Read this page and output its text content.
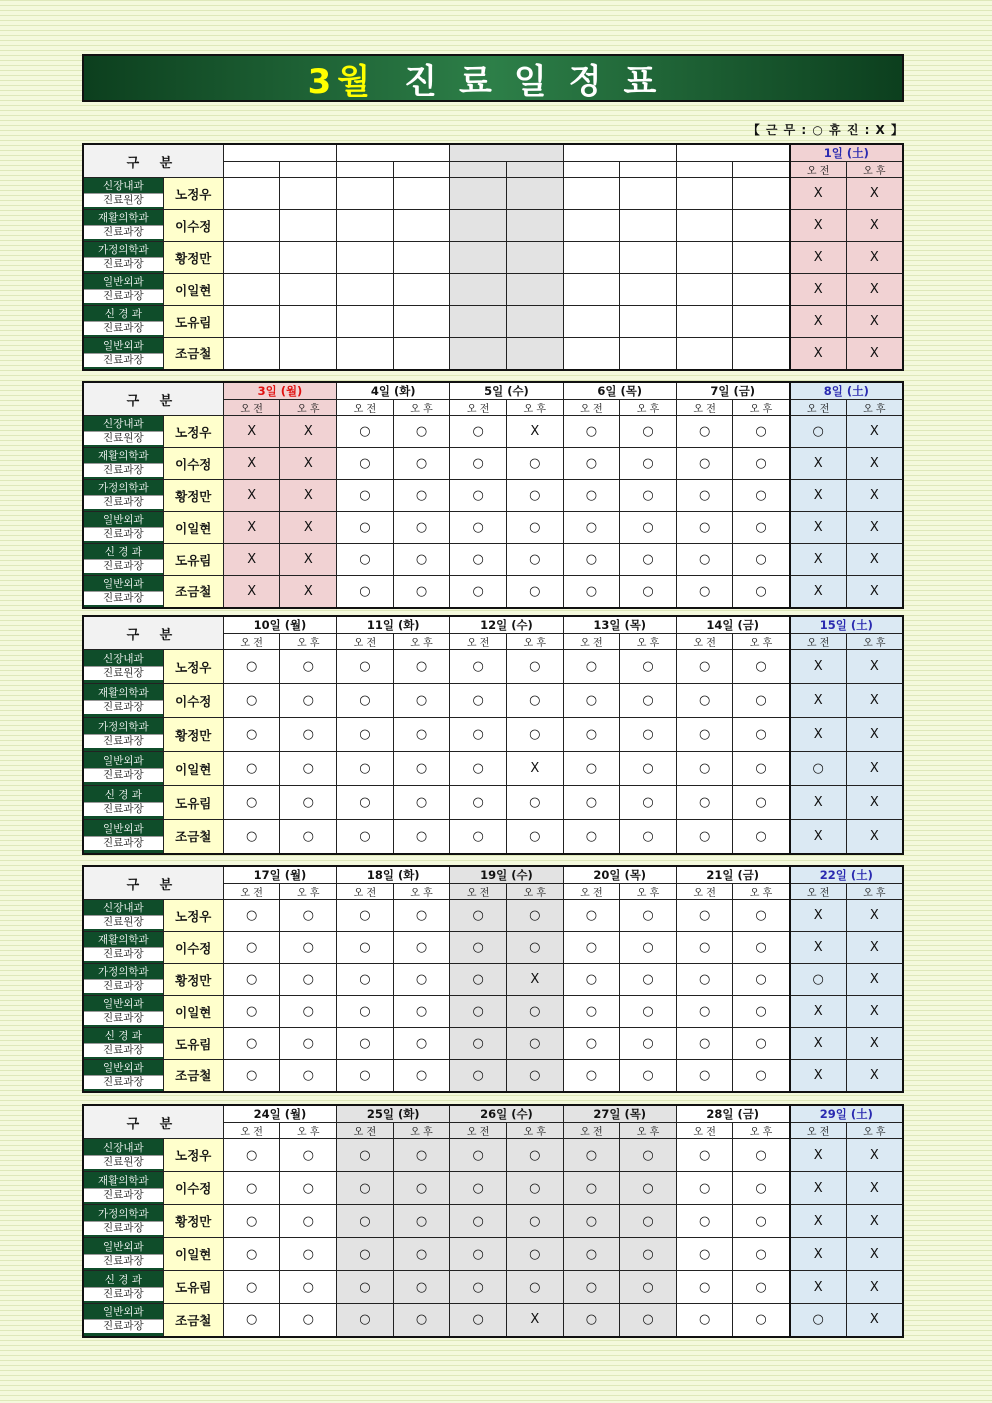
3월 진료일정표
【 근 무 : ○ 휴 진 : X 】
구 분												1일 (土)	
												오 전	오 후

신장내과
진료원장	노정우											X	X

재활의학과
진료과장	이수정											X	X

가정의학과
진료과장	황정만											X	X

일반외과
진료과장	이일현											X	X

신 경 과
진료과장	도유림											X	X

일반외과
진료과장	조금철											X	X
구 분		3일 (월)		4일 (화)		5일 (수)		6일 (목)		7일 (금)		8일 (土)	
		오 전	오 후	오 전	오 후	오 전	오 후	오 전	오 후	오 전	오 후	오 전	오 후

신장내과
진료원장	노정우	X	X	○	○	○	X	○	○	○	○	○	X

재활의학과
진료과장	이수정	X	X	○	○	○	○	○	○	○	○	X	X

가정의학과
진료과장	황정만	X	X	○	○	○	○	○	○	○	○	X	X

일반외과
진료과장	이일현	X	X	○	○	○	○	○	○	○	○	X	X

신 경 과
진료과장	도유림	X	X	○	○	○	○	○	○	○	○	X	X

일반외과
진료과장	조금철	X	X	○	○	○	○	○	○	○	○	X	X
구 분		10일 (월)		11일 (화)		12일 (수)		13일 (목)		14일 (금)		15일 (土)	
		오 전	오 후	오 전	오 후	오 전	오 후	오 전	오 후	오 전	오 후	오 전	오 후

신장내과
진료원장	노정우	○	○	○	○	○	○	○	○	○	○	X	X

재활의학과
진료과장	이수정	○	○	○	○	○	○	○	○	○	○	X	X

가정의학과
진료과장	황정만	○	○	○	○	○	○	○	○	○	○	X	X

일반외과
진료과장	이일현	○	○	○	○	○	X	○	○	○	○	○	X

신 경 과
진료과장	도유림	○	○	○	○	○	○	○	○	○	○	X	X

일반외과
진료과장	조금철	○	○	○	○	○	○	○	○	○	○	X	X
구 분		17일 (월)		18일 (화)		19일 (수)		20일 (목)		21일 (금)		22일 (土)	
		오 전	오 후	오 전	오 후	오 전	오 후	오 전	오 후	오 전	오 후	오 전	오 후

신장내과
진료원장	노정우	○	○	○	○	○	○	○	○	○	○	X	X

재활의학과
진료과장	이수정	○	○	○	○	○	○	○	○	○	○	X	X

가정의학과
진료과장	황정만	○	○	○	○	○	X	○	○	○	○	○	X

일반외과
진료과장	이일현	○	○	○	○	○	○	○	○	○	○	X	X

신 경 과
진료과장	도유림	○	○	○	○	○	○	○	○	○	○	X	X

일반외과
진료과장	조금철	○	○	○	○	○	○	○	○	○	○	X	X
구 분		24일 (월)		25일 (화)		26일 (수)		27일 (목)		28일 (금)		29일 (土)	
		오 전	오 후	오 전	오 후	오 전	오 후	오 전	오 후	오 전	오 후	오 전	오 후

신장내과
진료원장	노정우	○	○	○	○	○	○	○	○	○	○	X	X

재활의학과
진료과장	이수정	○	○	○	○	○	○	○	○	○	○	X	X

가정의학과
진료과장	황정만	○	○	○	○	○	○	○	○	○	○	X	X

일반외과
진료과장	이일현	○	○	○	○	○	○	○	○	○	○	X	X

신 경 과
진료과장	도유림	○	○	○	○	○	○	○	○	○	○	X	X

일반외과
진료과장	조금철	○	○	○	○	○	X	○	○	○	○	○	X
